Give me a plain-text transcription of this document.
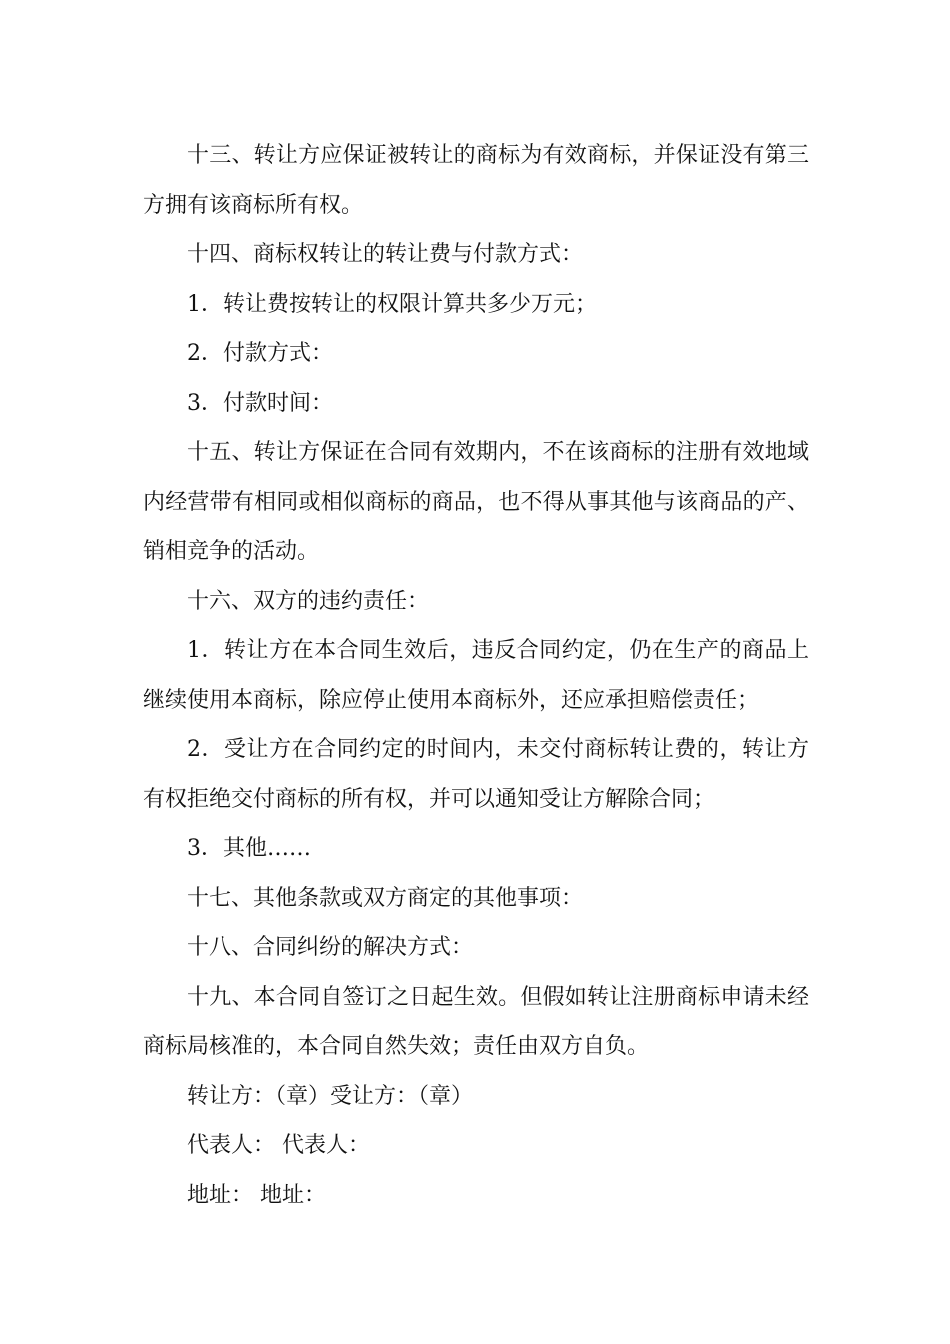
十三、转让方应保证被转让的商标为有效商标，并保证没有第三方拥有该商标所有权。

十四、商标权转让的转让费与付款方式：

1．转让费按转让的权限计算共多少万元；

2．付款方式：

3．付款时间：

十五、转让方保证在合同有效期内，不在该商标的注册有效地域内经营带有相同或相似商标的商品，也不得从事其他与该商品的产、销相竞争的活动。

十六、双方的违约责任：

1．转让方在本合同生效后，违反合同约定，仍在生产的商品上继续使用本商标，除应停止使用本商标外，还应承担赔偿责任；

2．受让方在合同约定的时间内，未交付商标转让费的，转让方有权拒绝交付商标的所有权，并可以通知受让方解除合同；

3．其他……

十七、其他条款或双方商定的其他事项：

十八、合同纠纷的解决方式：

十九、本合同自签订之日起生效。但假如转让注册商标申请未经商标局核准的，本合同自然失效；责任由双方自负。

转让方：（章）受让方：（章）

代表人： 代表人：

地址： 地址：
